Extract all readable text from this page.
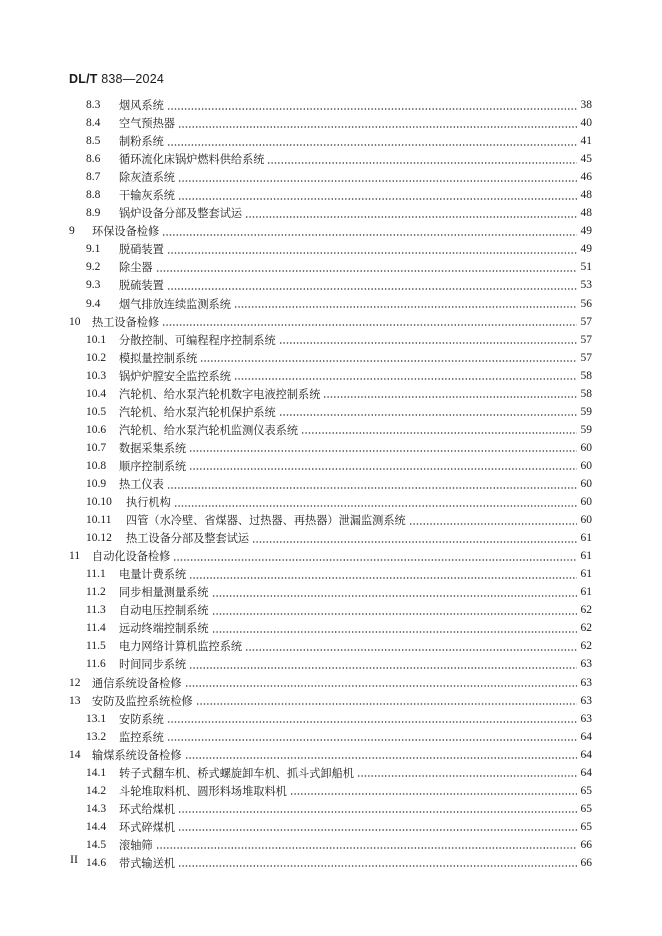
DL/T 838—2024
8.3	烟风系统	38
8.4	空气预热器	40
8.5	制粉系统	41
8.6	循环流化床锅炉燃料供给系统	45
8.7	除灰渣系统	46
8.8	干输灰系统	48
8.9	锅炉设备分部及整套试运	48
9	环保设备检修	49
9.1	脱硝装置	49
9.2	除尘器	51
9.3	脱硫装置	53
9.4	烟气排放连续监测系统	56
10	热工设备检修	57
10.1	分散控制、可编程程序控制系统	57
10.2	模拟量控制系统	57
10.3	锅炉炉膛安全监控系统	58
10.4	汽轮机、给水泵汽轮机数字电液控制系统	58
10.5	汽轮机、给水泵汽轮机保护系统	59
10.6	汽轮机、给水泵汽轮机监测仪表系统	59
10.7	数据采集系统	60
10.8	顺序控制系统	60
10.9	热工仪表	60
10.10	执行机构	60
10.11	四管（水冷壁、省煤器、过热器、再热器）泄漏监测系统	60
10.12	热工设备分部及整套试运	61
11	自动化设备检修	61
11.1	电量计费系统	61
11.2	同步相量测量系统	61
11.3	自动电压控制系统	62
11.4	远动终端控制系统	62
11.5	电力网络计算机监控系统	62
11.6	时间同步系统	63
12	通信系统设备检修	63
13	安防及监控系统检修	63
13.1	安防系统	63
13.2	监控系统	64
14	输煤系统设备检修	64
14.1	转子式翻车机、桥式螺旋卸车机、抓斗式卸船机	64
14.2	斗轮堆取料机、圆形料场堆取料机	65
14.3	环式给煤机	65
14.4	环式碎煤机	65
14.5	滚轴筛	66
14.6	带式输送机	66
II
